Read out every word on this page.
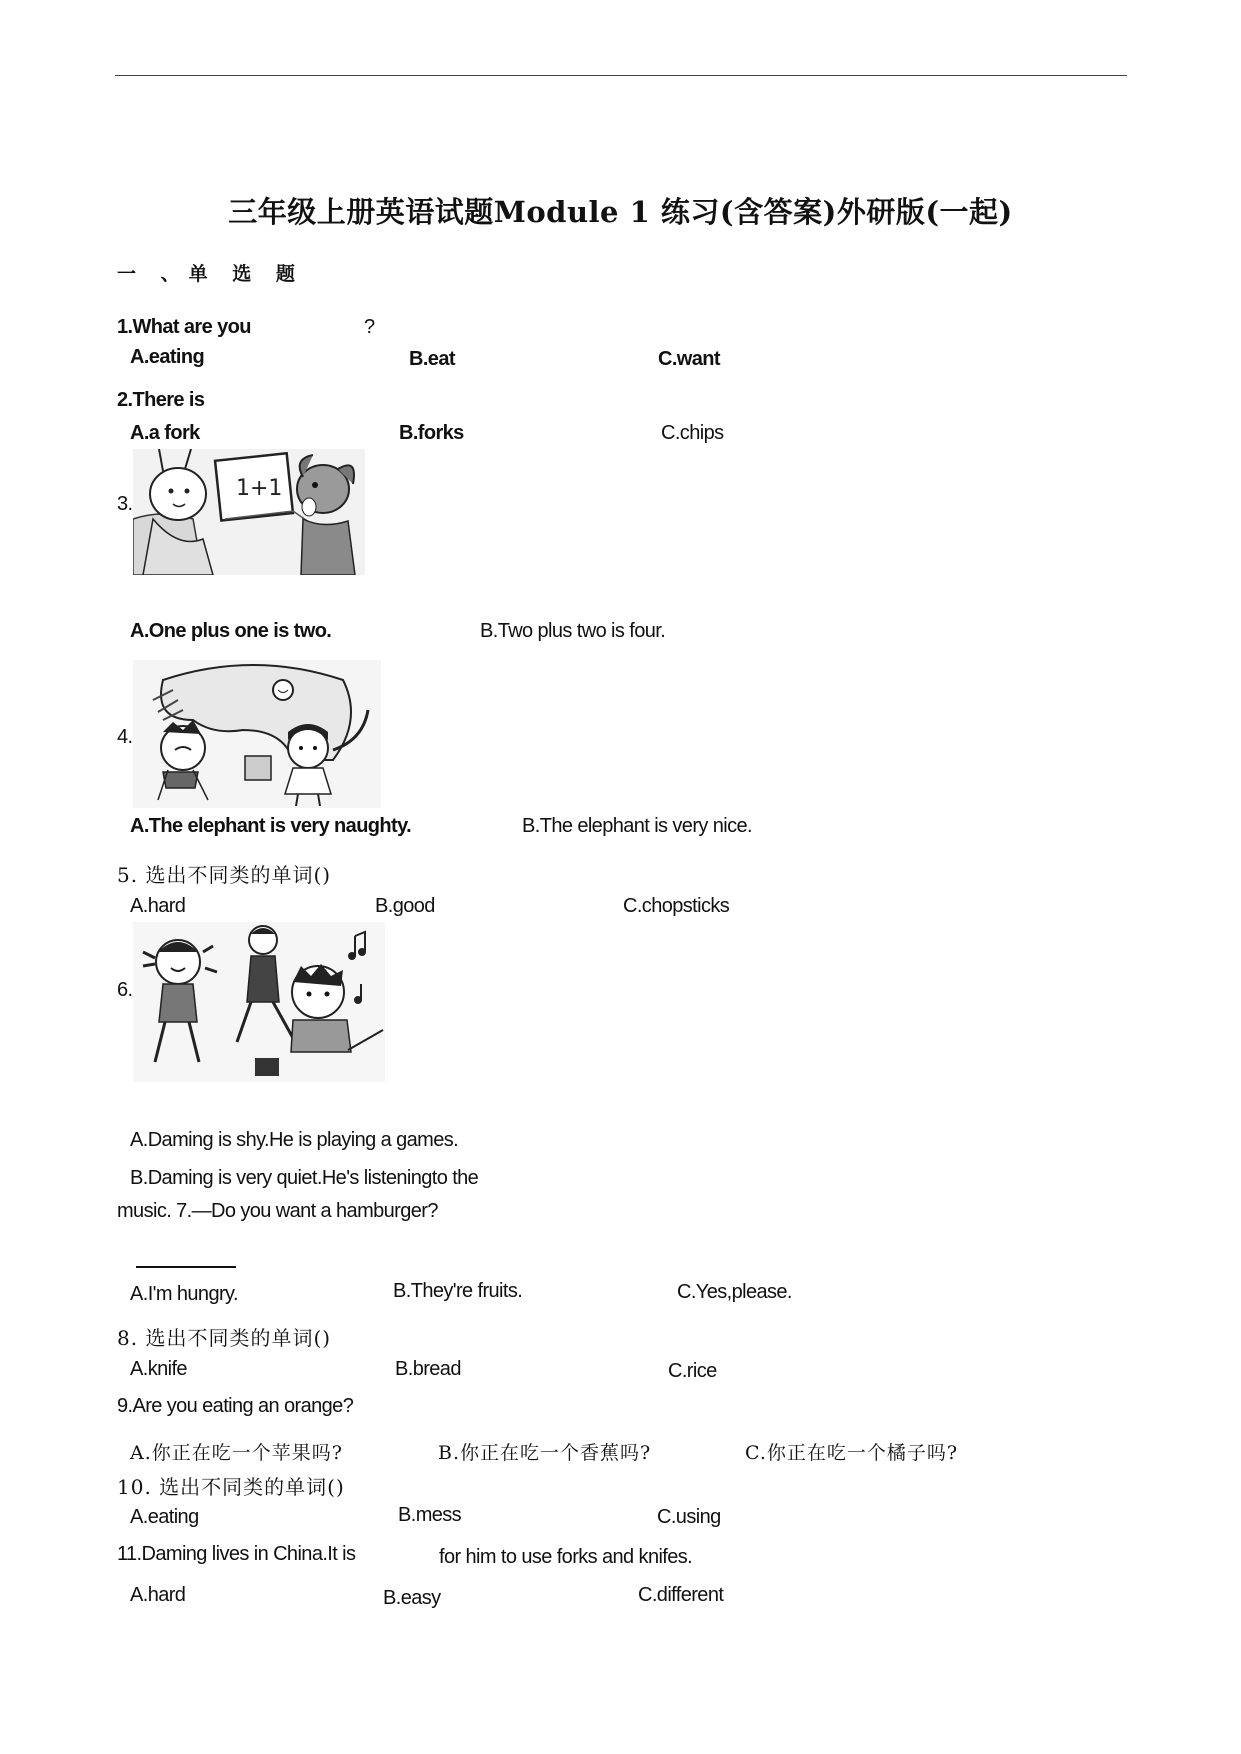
三年级上册英语试题Module 1 练习(含答案)外研版(一起)
一 、单 选 题
1.What are you	?
A.eating	B.eat	C.want
2.There is
A.a fork	B.forks	C.chips
3.
1+1
A.One plus one is two.	B.Two plus two is four.
4.
A.The elephant is very naughty.	B.The elephant is very nice.
5. 选出不同类的单词()
A.hard	B.good	C.chopsticks
6.
A.Daming is shy.He is playing a games.
B.Daming is very quiet.He's listeningto the
music. 7.—Do you want a hamburger?
A.I'm hungry.	B.They're fruits.	C.Yes,please.
8. 选出不同类的单词()
A.knife	B.bread	C.rice
9.Are you eating an orange?
A.你正在吃一个苹果吗?	B.你正在吃一个香蕉吗?	C.你正在吃一个橘子吗?
10. 选出不同类的单词()
A.eating	B.mess	C.using
11.Daming lives in China.It is	for him to use forks and knifes.
A.hard	B.easy	C.different
